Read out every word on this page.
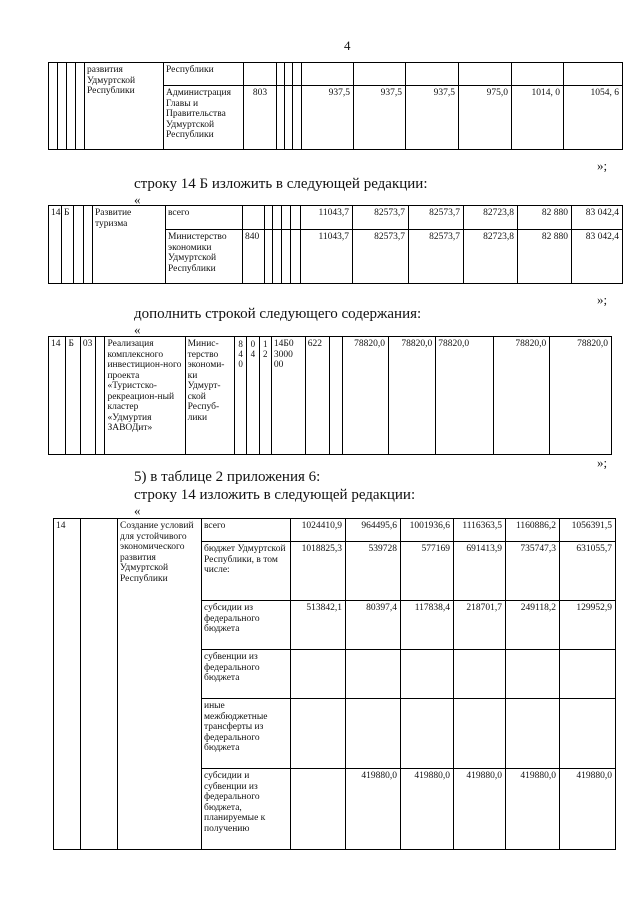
4
				развития Удмуртской Республики	Республики										
					Администрация Главы и Правительства Удмуртской Республики	803				937,5	937,5	937,5	975,0	1014, 0	1054, 6
»;
строку 14 Б изложить в следующей редакции:
«
14	Б			Развитие туризма	всего						11043,7	82573,7	82573,7	82723,8	82 880	83 042,4
					Министерство экономики Удмуртской Республики	840					11043,7	82573,7	82573,7	82723,8	82 880	83 042,4
»;
дополнить строкой следующего содержания:
«
14	Б	03		Реализация комплексного инвестицион-ного проекта «Туристско-рекреацион-ный кластер «Удмуртия ЗАВОДит»	Минис-терство экономи-ки Удмурт-ской Респуб-лики	8 4 0	0 4	1 2	14Б0 3000 00	622		78820,0	78820,0	78820,0	78820,0	78820,0
»;
5) в таблице 2 приложения 6:
строку 14 изложить в следующей редакции:
«
14		Создание условий для устойчивого экономического развития Удмуртской Республики	всего	1024410,9	964495,6	1001936,6	1116363,5	1160886,2	1056391,5
			бюджет Удмуртской Республики, в том числе:	1018825,3	539728	577169	691413,9	735747,3	631055,7
			субсидии из федерального бюджета	513842,1	80397,4	117838,4	218701,7	249118,2	129952,9
			субвенции из федерального бюджета						
			иные межбюджетные трансферты из федерального бюджета						
			субсидии и субвенции из федерального бюджета, планируемые к получению		419880,0	419880,0	419880,0	419880,0	419880,0
